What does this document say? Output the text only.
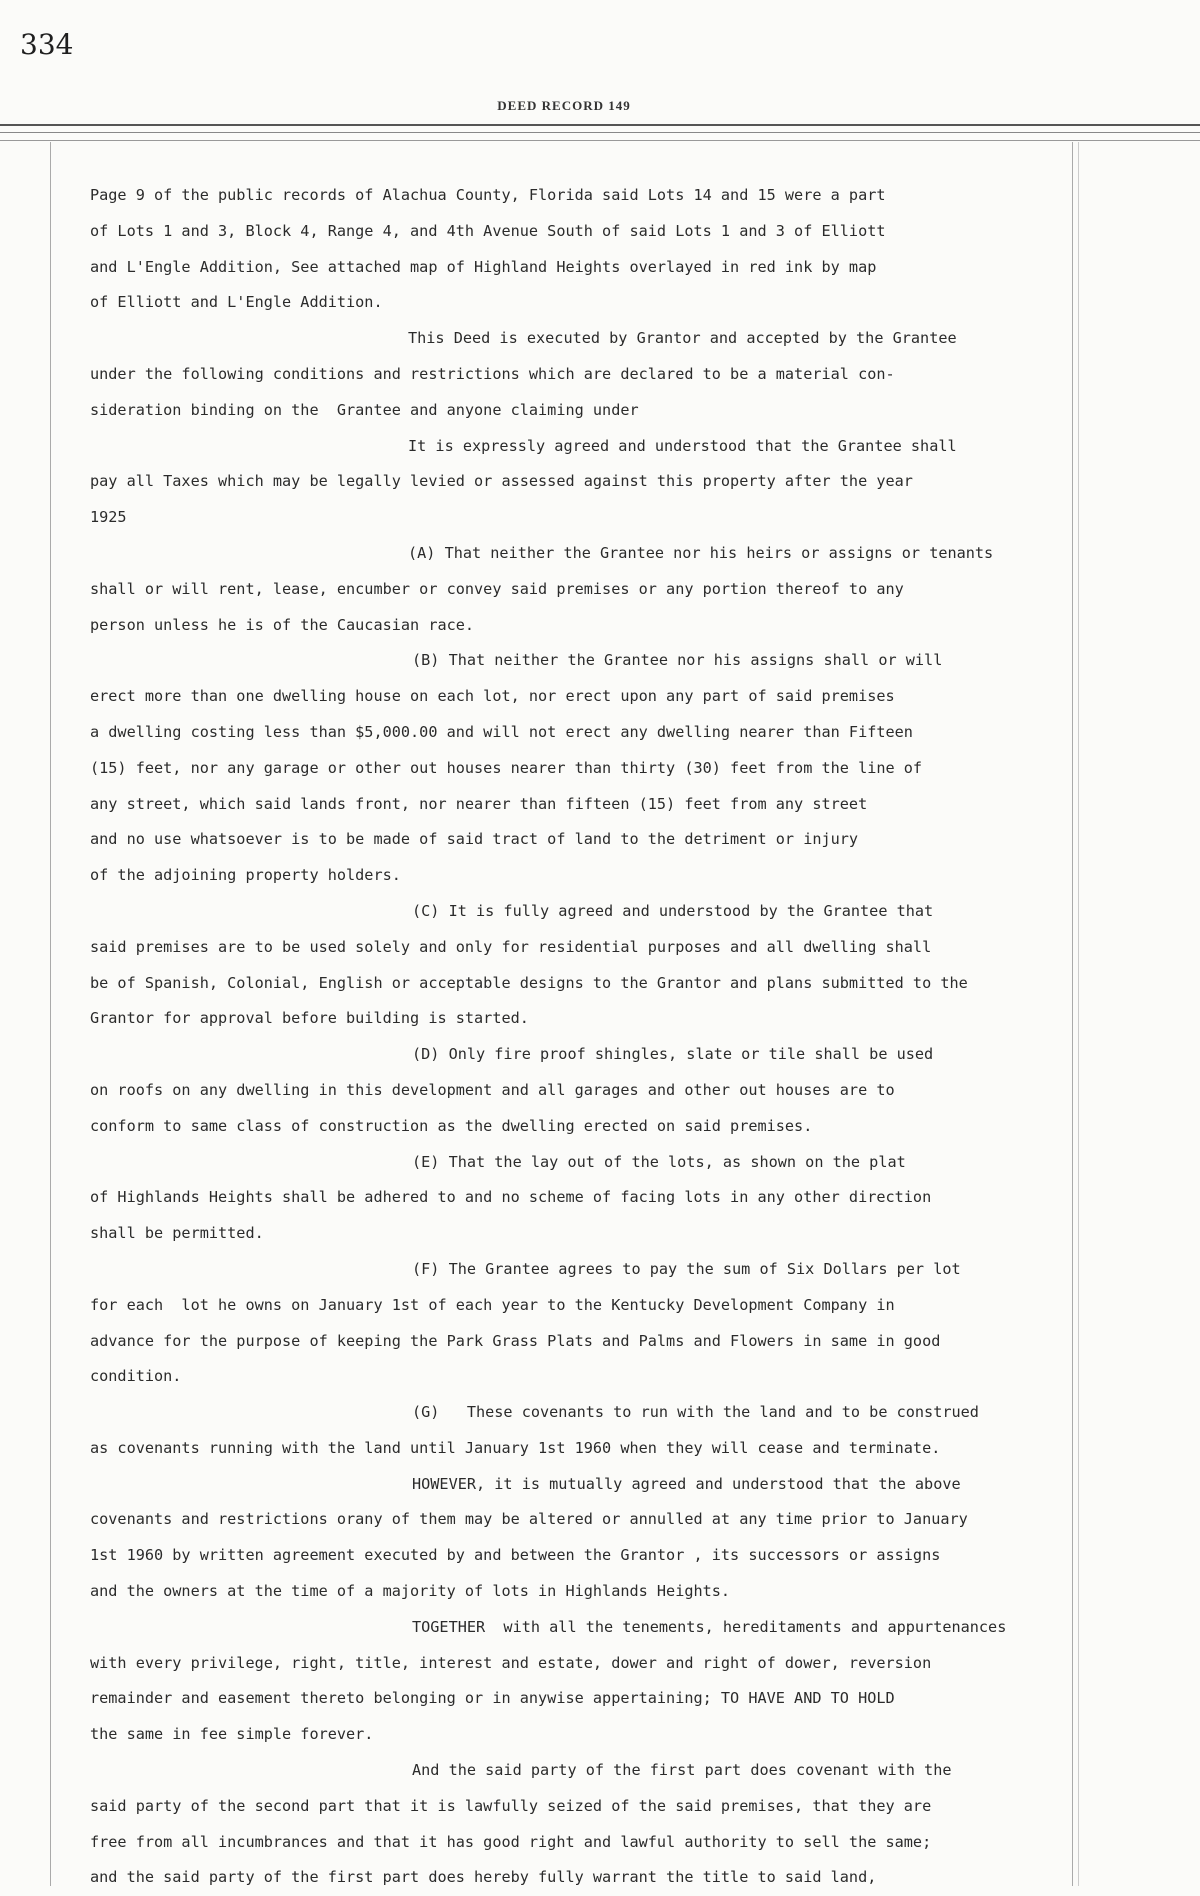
334
DEED RECORD 149
Page 9 of the public records of Alachua County, Florida said Lots 14 and 15 were a part
of Lots 1 and 3, Block 4, Range 4, and 4th Avenue South of said Lots 1 and 3 of Elliott
and L'Engle Addition, See attached map of Highland Heights overlayed in red ink by map
of Elliott and L'Engle Addition.
This Deed is executed by Grantor and accepted by the Grantee
under the following conditions and restrictions which are declared to be a material con-
sideration binding on the  Grantee and anyone claiming under
It is expressly agreed and understood that the Grantee shall
pay all Taxes which may be legally levied or assessed against this property after the year
1925
(A) That neither the Grantee nor his heirs or assigns or tenants
shall or will rent, lease, encumber or convey said premises or any portion thereof to any
person unless he is of the Caucasian race.
(B) That neither the Grantee nor his assigns shall or will
erect more than one dwelling house on each lot, nor erect upon any part of said premises
a dwelling costing less than $5,000.00 and will not erect any dwelling nearer than Fifteen
(15) feet, nor any garage or other out houses nearer than thirty (30) feet from the line of
any street, which said lands front, nor nearer than fifteen (15) feet from any street
and no use whatsoever is to be made of said tract of land to the detriment or injury
of the adjoining property holders.
(C) It is fully agreed and understood by the Grantee that
said premises are to be used solely and only for residential purposes and all dwelling shall
be of Spanish, Colonial, English or acceptable designs to the Grantor and plans submitted to the
Grantor for approval before building is started.
(D) Only fire proof shingles, slate or tile shall be used
on roofs on any dwelling in this development and all garages and other out houses are to
conform to same class of construction as the dwelling erected on said premises.
(E) That the lay out of the lots, as shown on the plat
of Highlands Heights shall be adhered to and no scheme of facing lots in any other direction
shall be permitted.
(F) The Grantee agrees to pay the sum of Six Dollars per lot
for each  lot he owns on January 1st of each year to the Kentucky Development Company in
advance for the purpose of keeping the Park Grass Plats and Palms and Flowers in same in good
condition.
(G)   These covenants to run with the land and to be construed
as covenants running with the land until January 1st 1960 when they will cease and terminate.
HOWEVER, it is mutually agreed and understood that the above
covenants and restrictions orany of them may be altered or annulled at any time prior to January
1st 1960 by written agreement executed by and between the Grantor , its successors or assigns
and the owners at the time of a majority of lots in Highlands Heights.
TOGETHER  with all the tenements, hereditaments and appurtenances
with every privilege, right, title, interest and estate, dower and right of dower, reversion
remainder and easement thereto belonging or in anywise appertaining; TO HAVE AND TO HOLD
the same in fee simple forever.
And the said party of the first part does covenant with the
said party of the second part that it is lawfully seized of the said premises, that they are
free from all incumbrances and that it has good right and lawful authority to sell the same;
and the said party of the first part does hereby fully warrant the title to said land,
